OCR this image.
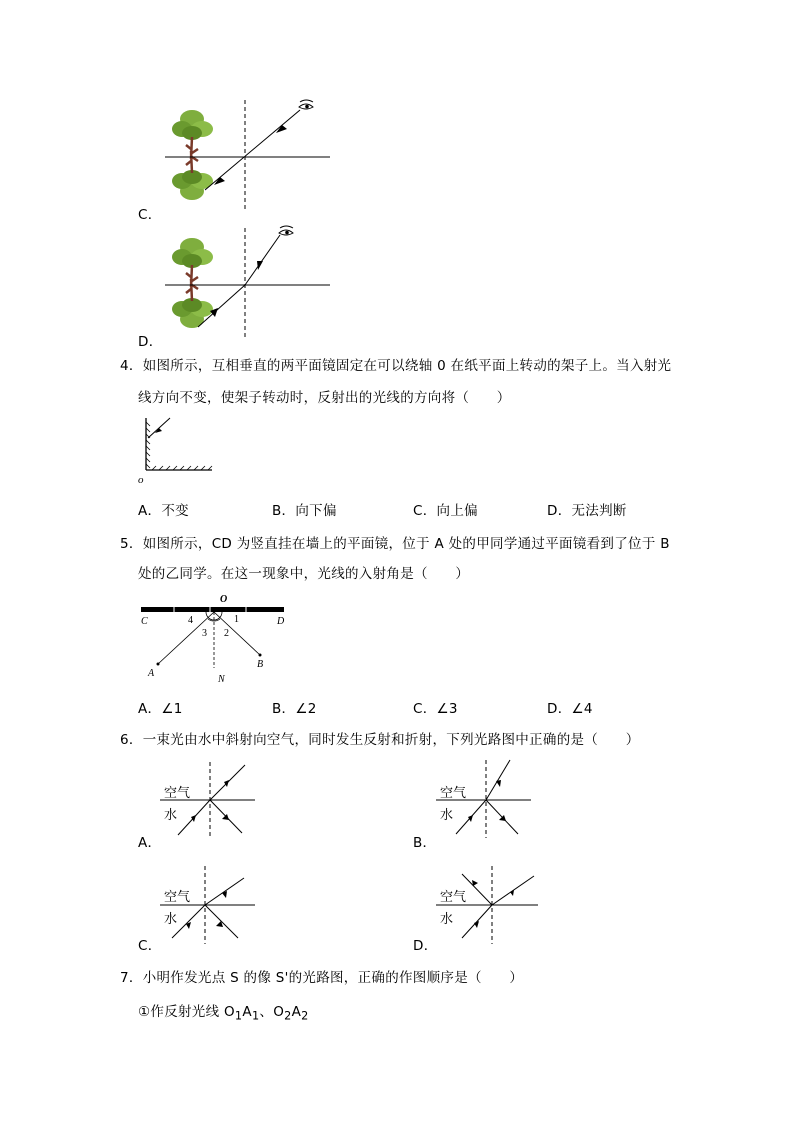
C．
D．
4．如图所示，互相垂直的两平面镜固定在可以绕轴 0 在纸平面上转动的架子上。当入射光
线方向不变，使架子转动时，反射出的光线的方向将（　　）
o
A．不变	B．向下偏	C．向上偏	D．无法判断
5．如图所示，CD 为竖直挂在墙上的平面镜，位于 A 处的甲同学通过平面镜看到了位于 B
处的乙同学。在这一现象中，光线的入射角是（　　）
O
C	D
A
B
N
1
2
3
4
A．∠1	B．∠2	C．∠3	D．∠4
6．一束光由水中斜射向空气，同时发生反射和折射，下列光路图中正确的是（　　）
空气
水
A．
空气
水
B．
空气
水
C．
空气
水
D．
7．小明作发光点 S 的像 S'的光路图，正确的作图顺序是（　　）
①作反射光线 $O_1A_1$、$O_2A_2$
